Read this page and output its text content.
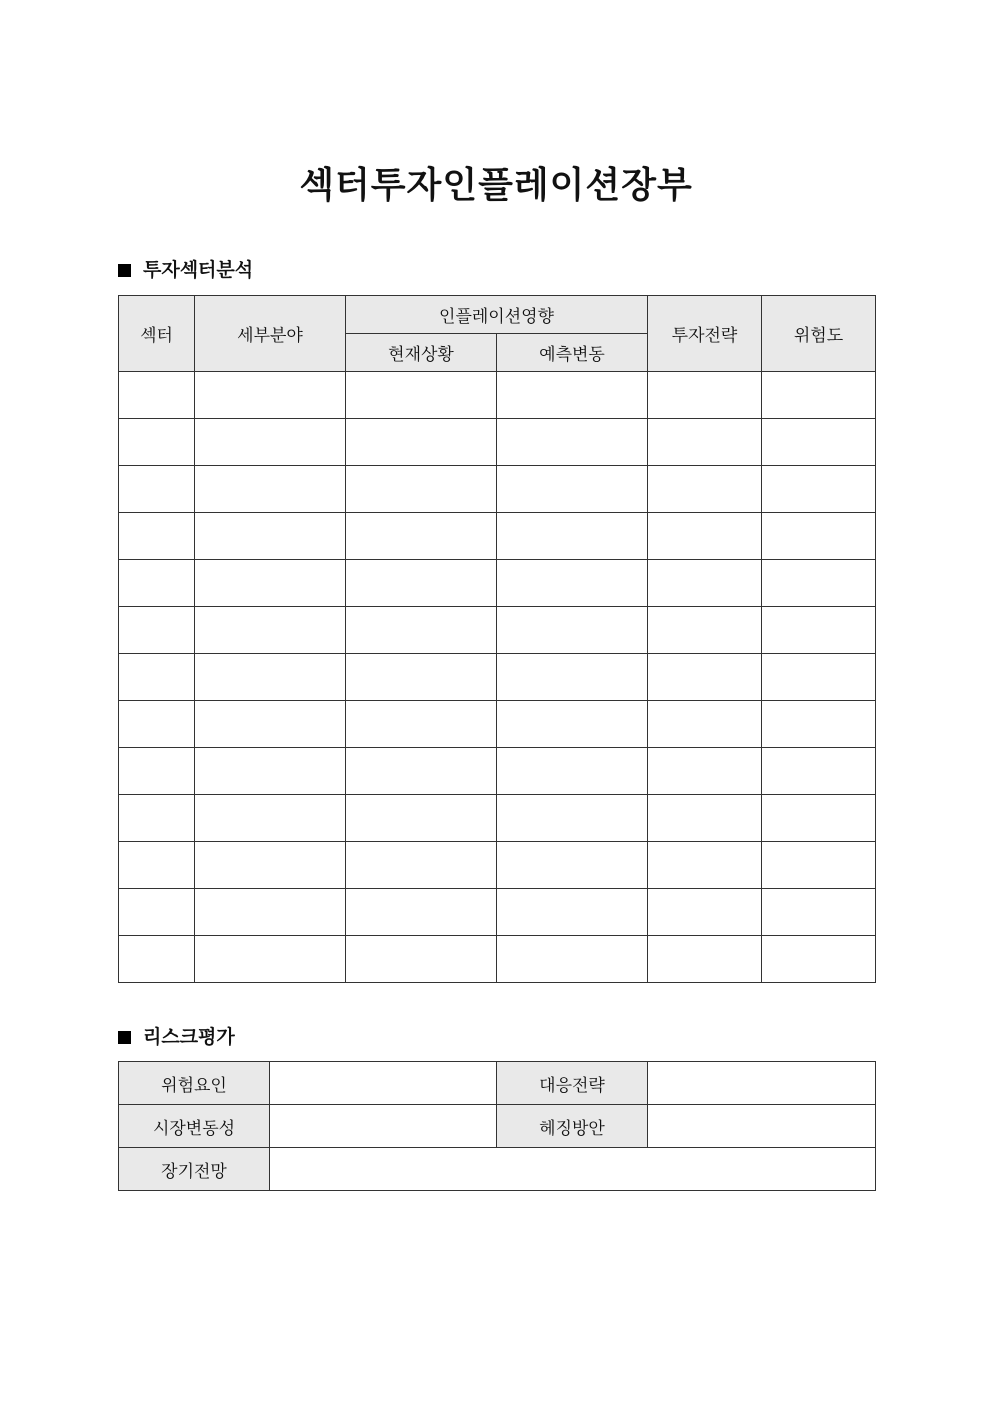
섹터투자인플레이션장부
투자섹터분석
섹터	세부분야	인플레이션영향		투자전략	위험도
		현재상황	예측변동		

리스크평가
위험요인		대응전략	
시장변동성		헤징방안	
장기전망			
